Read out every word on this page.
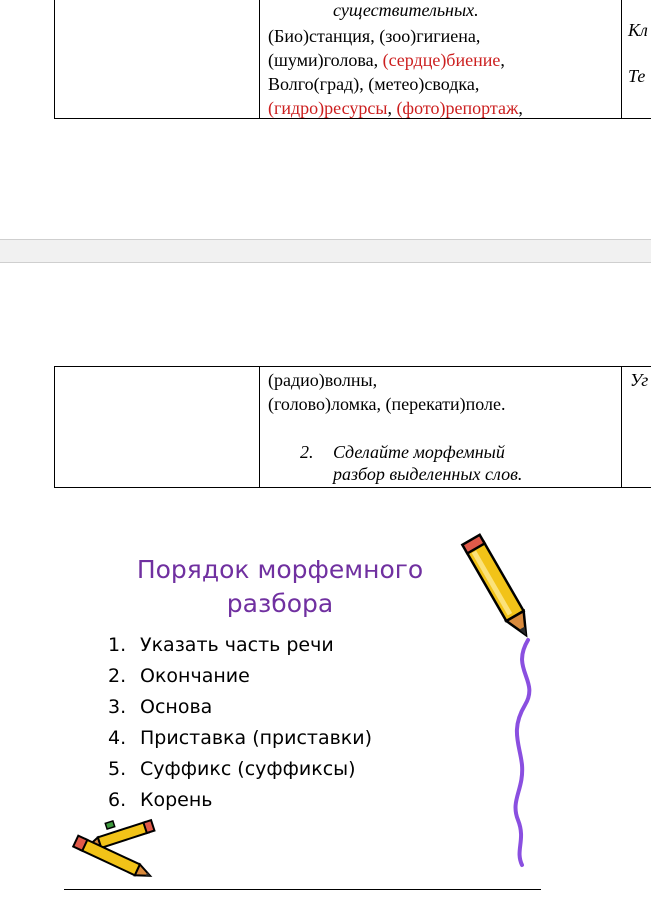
существительных.
(Био)станция, (зоо)гигиена,
(шуми)голова, (сердце)биение,
Волго(град), (метео)сводка,
(гидро)ресурсы, (фото)репортаж,
Кл
Те
(радио)волны,
(голово)ломка, (перекати)поле.
2. Сделайте морфемный
разбор выделенных слов.
Уг
Порядок морфемного
разбора
1. Указать часть речи
2. Окончание
3. Основа
4. Приставка (приставки)
5. Суффикс (суффиксы)
6. Корень
